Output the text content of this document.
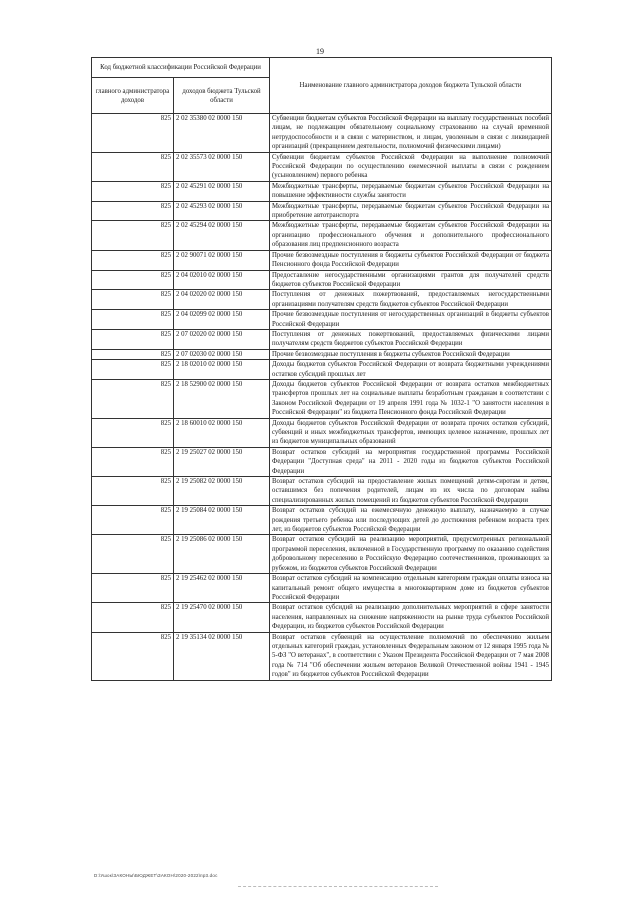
19
Код бюджетной классификации Российской Федерации		Наименование главного администратора доходов бюджета Тульской области
главного администратора доходов	доходов бюджета Тульской области	
825	2 02 35380 02 0000 150	Субвенции бюджетам субъектов Российской Федерации на выплату государственных пособий лицам, не подлежащим обязательному социальному страхованию на случай временной нетрудоспособности и в связи с материнством, и лицам, уволенным в связи с ликвидацией организаций (прекращением деятельности, полномочий физическими лицами)
825	2 02 35573 02 0000 150	Субвенции бюджетам субъектов Российской Федерации на выполнение полномочий Российской Федерации по осуществлению ежемесячной выплаты в связи с рождением (усыновлением) первого ребенка
825	2 02 45291 02 0000 150	Межбюджетные трансферты, передаваемые бюджетам субъектов Российской Федерации на повышение эффективности службы занятости
825	2 02 45293 02 0000 150	Межбюджетные трансферты, передаваемые бюджетам субъектов Российской Федерации на приобретение автотранспорта
825	2 02 45294 02 0000 150	Межбюджетные трансферты, передаваемые бюджетам субъектов Российской Федерации на организацию профессионального обучения и дополнительного профессионального образования лиц предпенсионного возраста
825	2 02 90071 02 0000 150	Прочие безвозмездные поступления в бюджеты субъектов Российской Федерации от бюджета Пенсионного фонда Российской Федерации
825	2 04 02010 02 0000 150	Предоставление негосударственными организациями грантов для получателей средств бюджетов субъектов Российской Федерации
825	2 04 02020 02 0000 150	Поступления от денежных пожертвований, предоставляемых негосударственными организациями получателям средств бюджетов субъектов Российской Федерации
825	2 04 02099 02 0000 150	Прочие безвозмездные поступления от негосударственных организаций в бюджеты субъектов Российской Федерации
825	2 07 02020 02 0000 150	Поступления от денежных пожертвований, предоставляемых физическими лицами получателям средств бюджетов субъектов Российской Федерации
825	2 07 02030 02 0000 150	Прочие безвозмездные поступления в бюджеты субъектов Российской Федерации
825	2 18 02010 02 0000 150	Доходы бюджетов субъектов Российской Федерации от возврата бюджетными учреждениями остатков субсидий прошлых лет
825	2 18 52900 02 0000 150	Доходы бюджетов субъектов Российской Федерации от возврата остатков межбюджетных трансфертов прошлых лет на социальные выплаты безработным гражданам в соответствии с Законом Российской Федерации от 19 апреля 1991 года № 1032-1 "О занятости населения в Российской Федерации" из бюджета Пенсионного фонда Российской Федерации
825	2 18 60010 02 0000 150	Доходы бюджетов субъектов Российской Федерации от возврата прочих остатков субсидий, субвенций и иных межбюджетных трансфертов, имеющих целевое назначение, прошлых лет из бюджетов муниципальных образований
825	2 19 25027 02 0000 150	Возврат остатков субсидий на мероприятия государственной программы Российской Федерации "Доступная среда" на 2011 - 2020 годы из бюджетов субъектов Российской Федерации
825	2 19 25082 02 0000 150	Возврат остатков субсидий на предоставление жилых помещений детям-сиротам и детям, оставшимся без попечения родителей, лицам из их числа по договорам найма специализированных жилых помещений из бюджетов субъектов Российской Федерации
825	2 19 25084 02 0000 150	Возврат остатков субсидий на ежемесячную денежную выплату, назначаемую в случае рождения третьего ребенка или последующих детей до достижения ребенком возраста трех лет, из бюджетов субъектов Российской Федерации
825	2 19 25086 02 0000 150	Возврат остатков субсидий на реализацию мероприятий, предусмотренных региональной программой переселения, включенной в Государственную программу по оказанию содействия добровольному переселению в Российскую Федерацию соотечественников, проживающих за рубежом, из бюджетов субъектов Российской Федерации
825	2 19 25462 02 0000 150	Возврат остатков субсидий на компенсацию отдельным категориям граждан оплаты взноса на капитальный ремонт общего имущества в многоквартирном доме из бюджетов субъектов Российской Федерации
825	2 19 25470 02 0000 150	Возврат остатков субсидий на реализацию дополнительных мероприятий в сфере занятости населения, направленных на снижение напряженности на рынке труда субъектов Российской Федерации, из бюджетов субъектов Российской Федерации
825	2 19 35134 02 0000 150	Возврат остатков субвенций на осуществление полномочий по обеспечению жильем отдельных категорий граждан, установленных Федеральным законом от 12 января 1995 года № 5-ФЗ "О ветеранах", в соответствии с Указом Президента Российской Федерации от 7 мая 2008 года № 714 "Об обеспечении жильем ветеранов Великой Отечественной войны 1941 - 1945 годов" из бюджетов субъектов Российской Федерации
D:\Ушок\ЗАКОНЫ\БЮДЖЕТ\ЗАКОН\2020-2022\пр3.doc
